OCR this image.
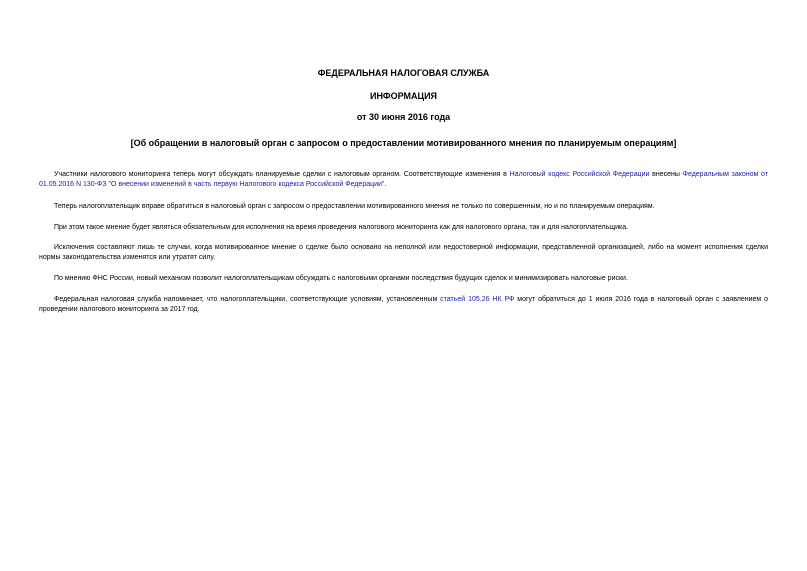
ФЕДЕРАЛЬНАЯ НАЛОГОВАЯ СЛУЖБА
ИНФОРМАЦИЯ
от 30 июня 2016 года
[Об обращении в налоговый орган с запросом о предоставлении мотивированного мнения по планируемым операциям]

Участники налогового мониторинга теперь могут обсуждать планируемые сделки с налоговым органом. Соответствующие изменения в Налоговый кодекс Российской Федерации внесены Федеральным законом от 01.05.2016 N 130-ФЗ "О внесении изменений в часть первую Налогового кодекса Российской Федерации".

Теперь налогоплательщик вправе обратиться в налоговый орган с запросом о предоставлении мотивированного мнения не только по совершенным, но и по планируемым операциям.

При этом такое мнение будет являться обязательным для исполнения на время проведения налогового мониторинга как для налогового органа, так и для налогоплательщика.

Исключения составляют лишь те случаи, когда мотивированное мнение о сделке было основано на неполной или недостоверной информации, представленной организацией, либо на момент исполнения сделки нормы законодательства изменятся или утратят силу.

По мнению ФНС России, новый механизм позволит налогоплательщикам обсуждать с налоговыми органами последствия будущих сделок и минимизировать налоговые риски.

Федеральная налоговая служба напоминает, что налогоплательщики, соответствующие условиям, установленным статьей 105.26 НК РФ могут обратиться до 1 июля 2016 года в налоговый орган с заявлением о проведении налогового мониторинга за 2017 год.
